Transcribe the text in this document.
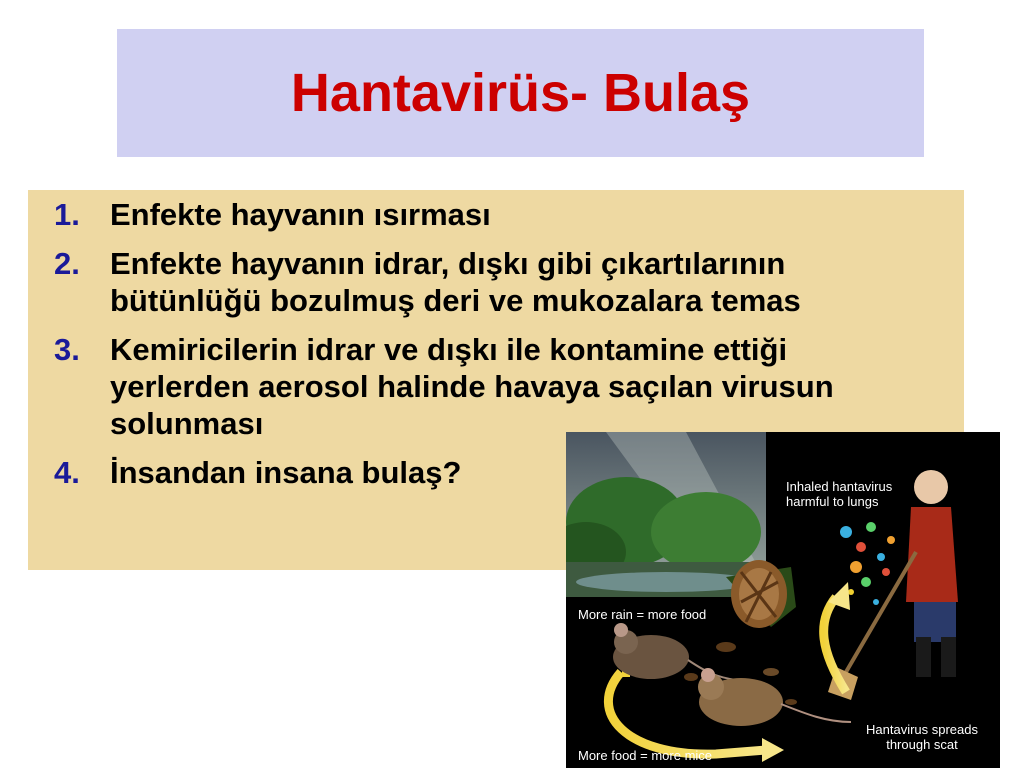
Hantavirüs- Bulaş
1. Enfekte hayvanın ısırması
2. Enfekte hayvanın idrar, dışkı gibi çıkartılarının bütünlüğü bozulmuş deri ve mukozalara temas
3. Kemiricilerin idrar ve dışkı ile kontamine ettiği yerlerden aerosol halinde havaya saçılan virusun solunması
4. İnsandan insana bulaş?	Inhaled hantavirus
harmful to lungs
More rain = more food
Hantavirus spreads
through scat
More food = more mice
